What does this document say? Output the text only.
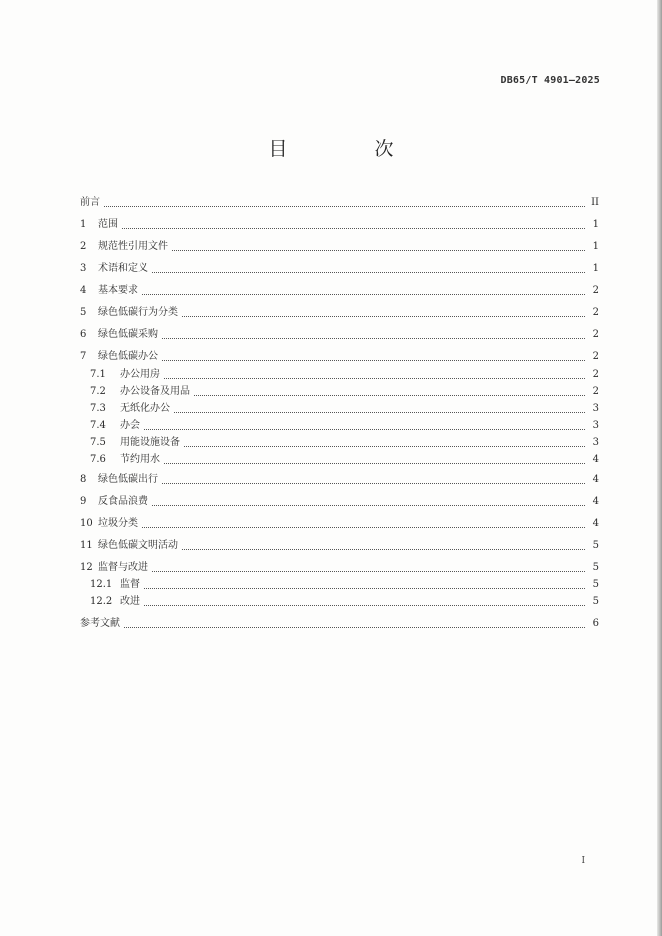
DB65/T 4901—2025
目　次
前言	II
1	范围	1
2	规范性引用文件	1
3	术语和定义	1
4	基本要求	2
5	绿色低碳行为分类	2
6	绿色低碳采购	2
7	绿色低碳办公	2
7.1	办公用房	2
7.2	办公设备及用品	2
7.3	无纸化办公	3
7.4	办会	3
7.5	用能设施设备	3
7.6	节约用水	4
8	绿色低碳出行	4
9	反食品浪费	4
10 垃圾分类	4
11 绿色低碳文明活动	5
12 监督与改进	5
12.1 监督	5
12.2 改进	5
参考文献	6
I
